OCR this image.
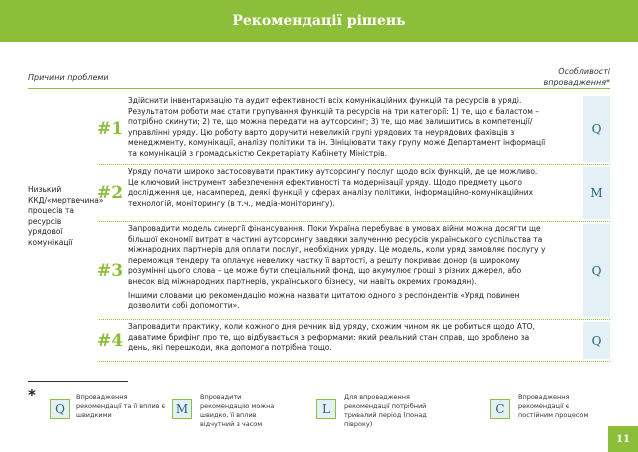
Рекомендації рішень
Причини проблеми
Особливості впровадження*
Низький ККД/«мертвечина» процесів та ресурсів урядової комунікації
#1
Здійснити інвентаризацію та аудит ефективності всіх комунікаційних функцій та ресурсів в уряді. Результатом роботи має стати групування функцій та ресурсів на три категорії: 1) те, що є баластом – потрібно скинути; 2) те, що можна передати на аутсорсинг; 3) те, що має залишитись в компетенції/управлінні уряду. Цю роботу варто доручити невеликій групі урядових та неурядових фахівців з менеджменту, комунікації, аналізу політики та ін. Зініціювати таку групу може Департамент інформації та комунікацій з громадськістю Секретаріату Кабінету Міністрів.
Q
#2
Уряду почати широко застосовувати практику аутсорсингу послуг щодо всіх функцій, де це можливо. Це ключовий інструмент забезпечення ефективності та модернізації уряду. Щодо предмету цього дослідження це, насамперед, деякі функції у сферах аналізу політики, інформаційно-комунікаційних технологій, моніторингу (в т.ч., медіа-моніторингу).
M
#3
Запровадити модель синергії фінансування. Поки Україна перебуває в умовах війни можна досягти ще більшої економії витрат в частині аутсорсингу завдяки залученню ресурсів українського суспільства та міжнародних партнерів для оплати послуг, необхідних уряду. Це модель, коли уряд замовляє послугу у переможця тендеру та оплачує невелику частку її вартості, а решту покриває донор (в широкому розумінні цього слова – це може бути спеціальний фонд, що акумулює гроші з різних джерел, або внесок від міжнародних партнерів, українського бізнесу, чи навіть окремих громадян).
Іншими словами цю рекомендацію можна назвати цитатою одного з респондентів «Уряд повинен дозволити собі допомогти».
Q
#4
Запровадити практику, коли кожного дня речник від уряду, схожим чином як це робиться щодо АТО, даватиме брифінг про те, що відбувається з реформами: який реальний стан справ, що зроблено за день, які перешкоди, яка допомога потрібна тощо.
Q
*
Q
Впровадження рекомендації та її вплив є швидкими	M
Впровадити рекомендацію можна швидко, її вплив відчутний з часом
L
Для впровадження рекомендації потрібний тривалий період (понад півроку)
C
Впровадження рекомендації є постійним процесом
11
